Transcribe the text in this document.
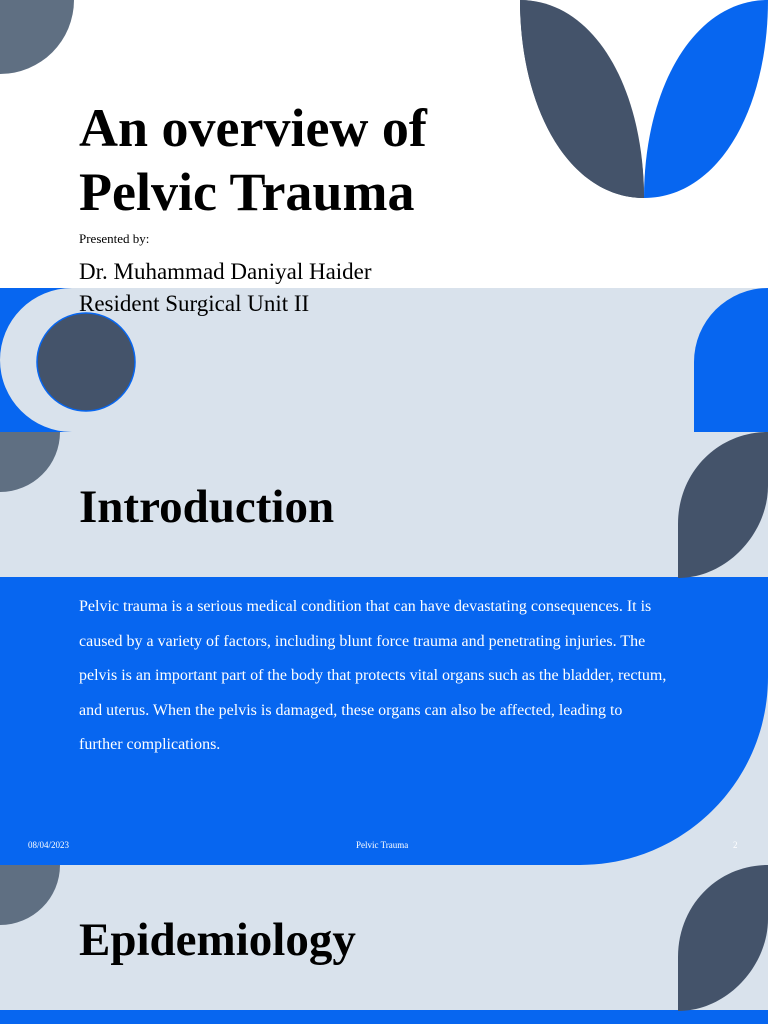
An overview of
Pelvic Trauma
Presented by:
Dr. Muhammad Daniyal Haider
Resident Surgical Unit II
Introduction

Pelvic trauma is a serious medical condition that can have devastating consequences. It is caused by a variety of factors, including blunt force trauma and penetrating injuries. The pelvis is an important part of the body that protects vital organs such as the bladder, rectum, and uterus. When the pelvis is damaged, these organs can also be affected, leading to further complications.

08/04/2023	Pelvic Trauma	2
Epidemiology
